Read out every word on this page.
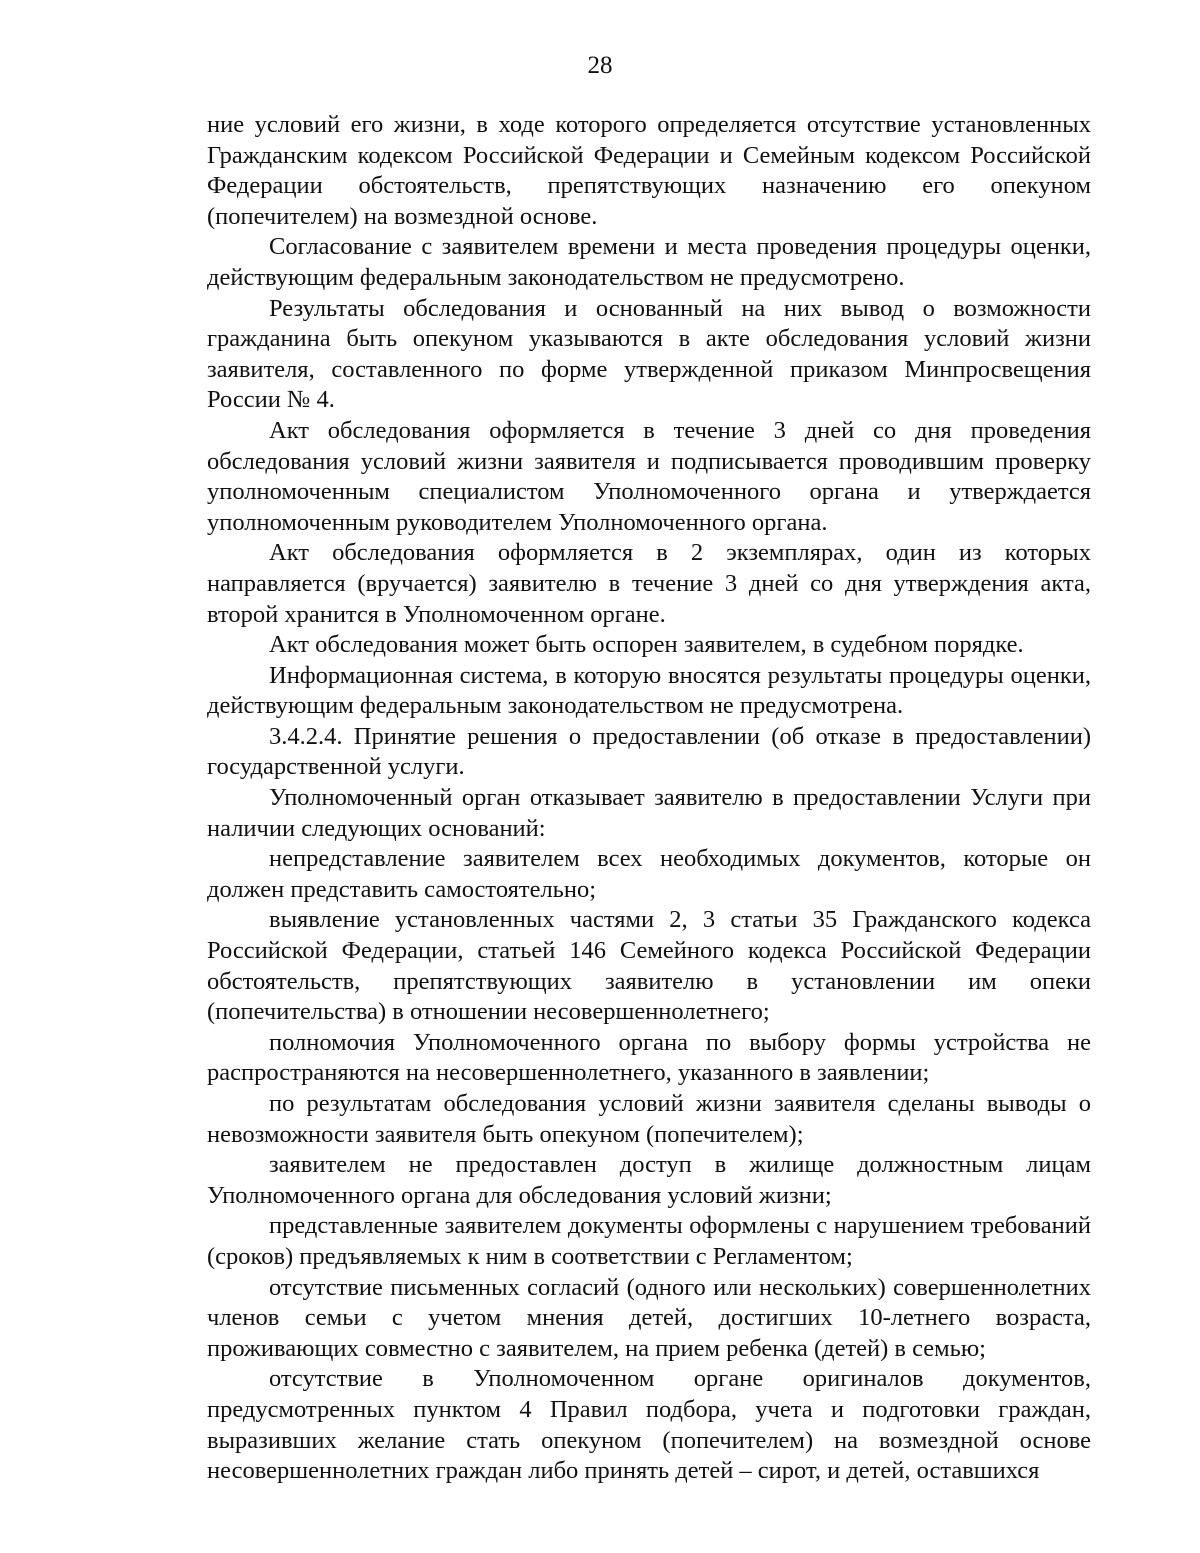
28

ние условий его жизни, в ходе которого определяется отсутствие установленных Гражданским кодексом Российской Федерации и Семейным кодексом Российской Федерации обстоятельств, препятствующих назначению его опекуном (попечителем) на возмездной основе.

Согласование с заявителем времени и места проведения процедуры оценки, действующим федеральным законодательством не предусмотрено.

Результаты обследования и основанный на них вывод о возможности гражданина быть опекуном указываются в акте обследования условий жизни заявителя, составленного по форме утвержденной приказом Минпросвещения России № 4.

Акт обследования оформляется в течение 3 дней со дня проведения обследования условий жизни заявителя и подписывается проводившим проверку уполномоченным специалистом Уполномоченного органа и утверждается уполномоченным руководителем Уполномоченного органа.

Акт обследования оформляется в 2 экземплярах, один из которых направляется (вручается) заявителю в течение 3 дней со дня утверждения акта, второй хранится в Уполномоченном органе.

Акт обследования может быть оспорен заявителем, в судебном порядке.

Информационная система, в которую вносятся результаты процедуры оценки, действующим федеральным законодательством не предусмотрена.

3.4.2.4. Принятие решения о предоставлении (об отказе в предоставлении) государственной услуги.

Уполномоченный орган отказывает заявителю в предоставлении Услуги при наличии следующих оснований:

непредставление заявителем всех необходимых документов, которые он должен представить самостоятельно;

выявление установленных частями 2, 3 статьи 35 Гражданского кодекса Российской Федерации, статьей 146 Семейного кодекса Российской Федерации обстоятельств, препятствующих заявителю в установлении им опеки (попечительства) в отношении несовершеннолетнего;

полномочия Уполномоченного органа по выбору формы устройства не распространяются на несовершеннолетнего, указанного в заявлении;

по результатам обследования условий жизни заявителя сделаны выводы о невозможности заявителя быть опекуном (попечителем);

заявителем не предоставлен доступ в жилище должностным лицам Уполномоченного органа для обследования условий жизни;

представленные заявителем документы оформлены с нарушением требований (сроков) предъявляемых к ним в соответствии с Регламентом;

отсутствие письменных согласий (одного или нескольких) совершеннолетних членов семьи с учетом мнения детей, достигших 10-летнего возраста, проживающих совместно с заявителем, на прием ребенка (детей) в семью;

отсутствие в Уполномоченном органе оригиналов документов, предусмотренных пунктом 4 Правил подбора, учета и подготовки граждан, выразивших желание стать опекуном (попечителем) на возмездной основе несовершеннолетних граждан либо принять детей – сирот, и детей, оставшихся
